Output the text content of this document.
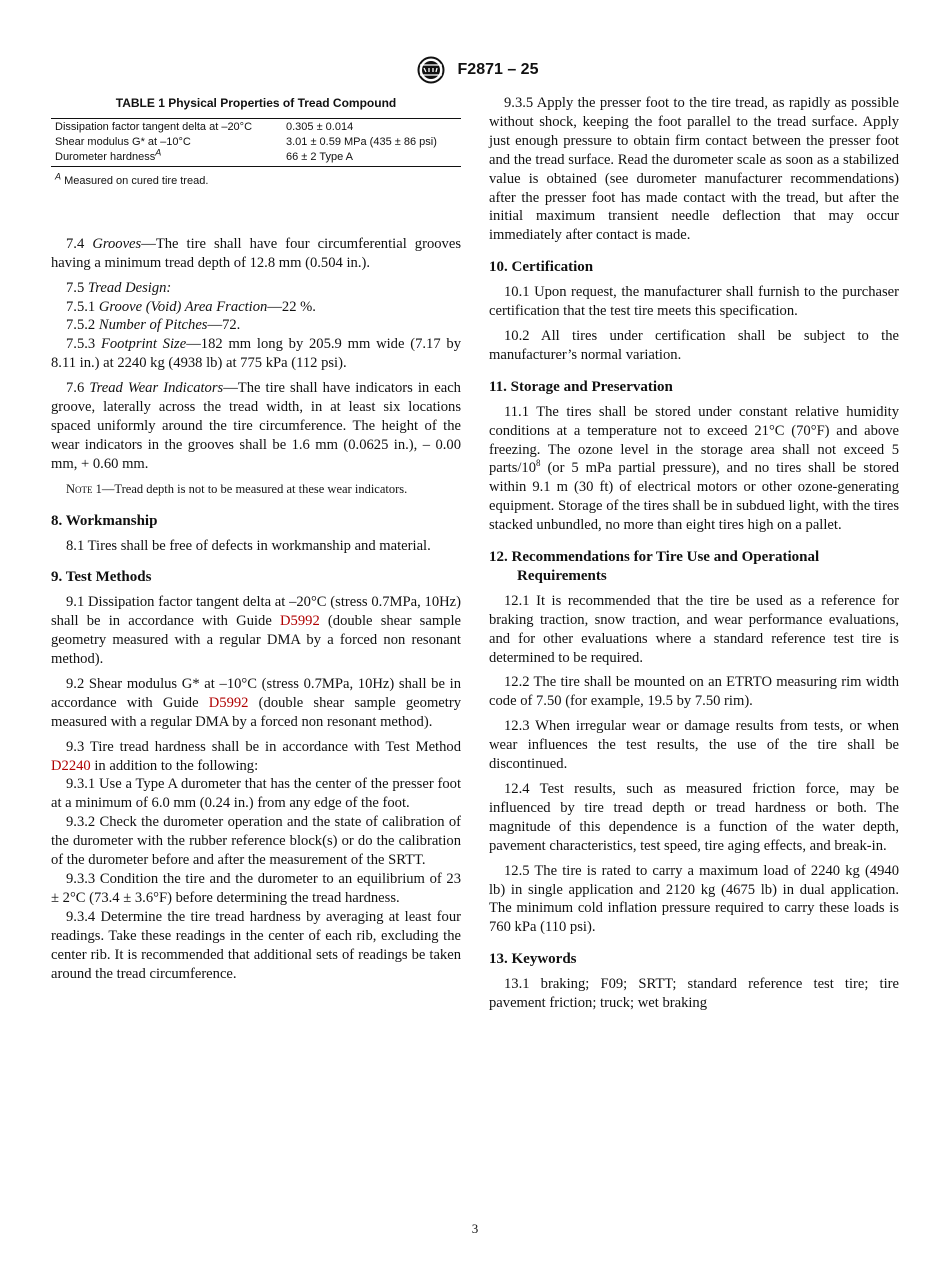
F2871 – 25
TABLE 1 Physical Properties of Tread Compound
Dissipation factor tangent delta at –20°C	0.305 ± 0.014
Shear modulus G* at –10°C	3.01 ± 0.59 MPa (435 ± 86 psi)
Durometer hardness$^A$	66 ± 2 Type A
$^A$ Measured on cured tire tread.

7.4 Grooves—The tire shall have four circumferential grooves having a minimum tread depth of 12.8 mm (0.504 in.).

7.5 Tread Design:

7.5.1 Groove (Void) Area Fraction—22 %.

7.5.2 Number of Pitches—72.

7.5.3 Footprint Size—182 mm long by 205.9 mm wide (7.17 by 8.11 in.) at 2240 kg (4938 lb) at 775 kPa (112 psi).

7.6 Tread Wear Indicators—The tire shall have indicators in each groove, laterally across the tread width, in at least six locations spaced uniformly around the tire circumference. The height of the wear indicators in the grooves shall be 1.6 mm (0.0625 in.), – 0.00 mm, + 0.60 mm.

Note 1—Tread depth is not to be measured at these wear indicators.

8. Workmanship

8.1 Tires shall be free of defects in workmanship and material.

9. Test Methods

9.1 Dissipation factor tangent delta at –20°C (stress 0.7MPa, 10Hz) shall be in accordance with Guide D5992 (double shear sample geometry measured with a regular DMA by a forced non resonant method).

9.2 Shear modulus G* at –10°C (stress 0.7MPa, 10Hz) shall be in accordance with Guide D5992 (double shear sample geometry measured with a regular DMA by a forced non resonant method).

9.3 Tire tread hardness shall be in accordance with Test Method D2240 in addition to the following:

9.3.1 Use a Type A durometer that has the center of the presser foot at a minimum of 6.0 mm (0.24 in.) from any edge of the foot.

9.3.2 Check the durometer operation and the state of calibration of the durometer with the rubber reference block(s) or do the calibration of the durometer before and after the measurement of the SRTT.

9.3.3 Condition the tire and the durometer to an equilibrium of 23 ± 2°C (73.4 ± 3.6°F) before determining the tread hardness.

9.3.4 Determine the tire tread hardness by averaging at least four readings. Take these readings in the center of each rib, excluding the center rib. It is recommended that additional sets of readings be taken around the tread circumference.

9.3.5 Apply the presser foot to the tire tread, as rapidly as possible without shock, keeping the foot parallel to the tread surface. Apply just enough pressure to obtain firm contact between the presser foot and the tread surface. Read the durometer scale as soon as a stabilized value is obtained (see durometer manufacturer recommendations) after the presser foot has made contact with the tread, but after the initial maximum transient needle deflection that may occur immediately after contact is made.

10. Certification

10.1 Upon request, the manufacturer shall furnish to the purchaser certification that the test tire meets this specification.

10.2 All tires under certification shall be subject to the manufacturer’s normal variation.

11. Storage and Preservation

11.1 The tires shall be stored under constant relative humidity conditions at a temperature not to exceed 21°C (70°F) and above freezing. The ozone level in the storage area shall not exceed 5 parts/$10^8$ (or 5 mPa partial pressure), and no tires shall be stored within 9.1 m (30 ft) of electrical motors or other ozone-generating equipment. Storage of the tires shall be in subdued light, with the tires stacked unbundled, no more than eight tires high on a pallet.

12. Recommendations for Tire Use and Operational
Requirements

12.1 It is recommended that the tire be used as a reference for braking traction, snow traction, and wear performance evaluations, and for other evaluations where a standard reference test tire is determined to be required.

12.2 The tire shall be mounted on an ETRTO measuring rim width code of 7.50 (for example, 19.5 by 7.50 rim).

12.3 When irregular wear or damage results from tests, or when wear influences the test results, the use of the tire shall be discontinued.

12.4 Test results, such as measured friction force, may be influenced by tire tread depth or tread hardness or both. The magnitude of this dependence is a function of the water depth, pavement characteristics, test speed, tire aging effects, and break-in.

12.5 The tire is rated to carry a maximum load of 2240 kg (4940 lb) in single application and 2120 kg (4675 lb) in dual application. The minimum cold inflation pressure required to carry these loads is 760 kPa (110 psi).

13. Keywords

13.1 braking; F09; SRTT; standard reference test tire; tire pavement friction; truck; wet braking

3
